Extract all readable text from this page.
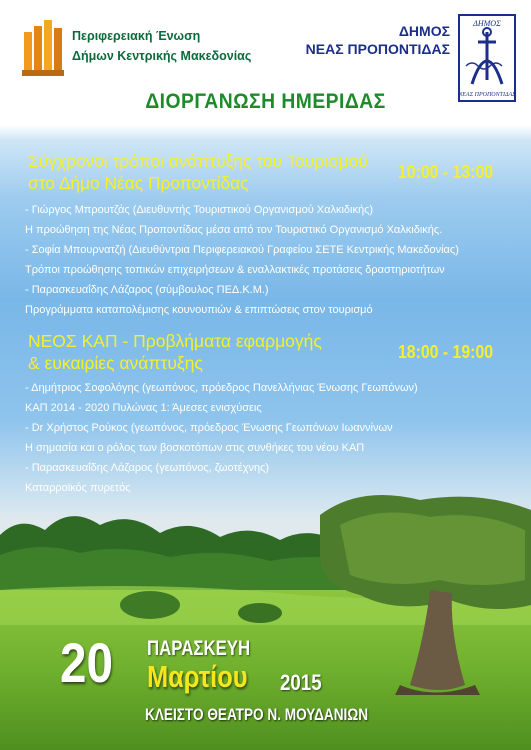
Περιφερειακή Ένωση
Δήμων Κεντρικής Μακεδονίας
ΔΗΜΟΣ
ΝΕΑΣ ΠΡΟΠΟΝΤΙΔΑΣ
ΔΗΜΟΣ
ΝΕΑΣ ΠΡΟΠΟΝΤΙΔΑΣ
ΔΙΟΡΓΑΝΩΣΗ ΗΜΕΡΙΔΑΣ
Σύγχρονοι τρόποι ανάπτυξης του Τουρισμού
στο Δήμο Νέας Προποντίδας
10:00 - 13:00
- Γιώργος Μπρουτζάς (Διευθυντής Τουριστικού Οργανισμού Χαλκιδικής)
Η προώθηση της Νέας Προποντίδας μέσα από τον Τουριστικό Οργανισμό Χαλκιδικής.
- Σοφία Μπουρνατζή (Διευθύντρια Περιφερειακού Γραφείου ΣΕΤΕ Κεντρικής Μακεδονίας)
Τρόποι προώθησης τοπικών επιχειρήσεων & εναλλακτικές προτάσεις δραστηριοτήτων
- Παρασκευαΐδης Λάζαρος (σύμβουλος ΠΕΔ.Κ.Μ.)
Προγράμματα καταπολέμισης κουνουπιών & επιπτώσεις στον τουρισμό
ΝΕΟΣ ΚΑΠ - Προβλήματα εφαρμογής
& ευκαιρίες ανάπτυξης
18:00 - 19:00
- Δημήτριος Σοφολόγης (γεωπόνος, πρόεδρος Πανελλήνιας Ένωσης Γεωπόνων)
ΚΑΠ 2014 - 2020 Πυλώνας 1: Άμεσες ενισχύσεις
- Dr Χρήστος Ρούκος (γεωπόνος, πρόεδρος Ένωσης Γεωπόνων Ιωαννίνων
Η σημασία και ο ρόλος των βοσκοτόπων στις συνθήκες του νέου ΚΑΠ
- Παρασκευαΐδης Λάζαρος (γεωπόνος, ζωοτέχνης)
Καταρροϊκός πυρετός
20 ΠΑΡΑΣΚΕΥΗ
Μαρτίου 2015
ΚΛΕΙΣΤΟ ΘΕΑΤΡΟ Ν. ΜΟΥΔΑΝΙΩΝ
